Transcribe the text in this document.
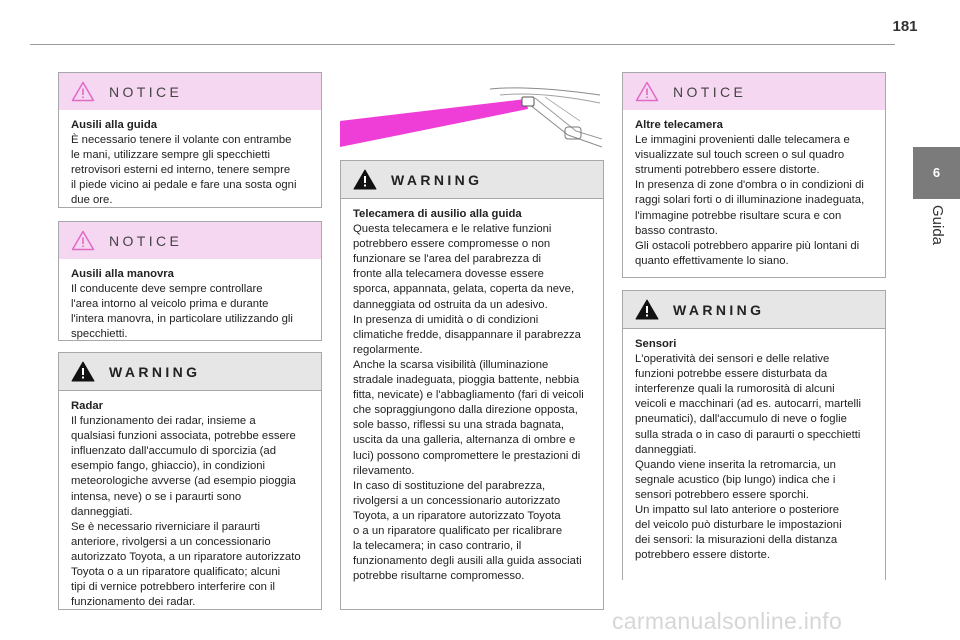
181
6
Guida
NOTICE
Ausili alla guida
È necessario tenere il volante con entrambe
le mani, utilizzare sempre gli specchietti
retrovisori esterni ed interno, tenere sempre
il piede vicino ai pedale e fare una sosta ogni
due ore.
NOTICE
Ausili alla manovra
Il conducente deve sempre controllare
l'area intorno al veicolo prima e durante
l'intera manovra, in particolare utilizzando gli
specchietti.
WARNING
Radar
Il funzionamento dei radar, insieme a
qualsiasi funzioni associata, potrebbe essere
influenzato dall'accumulo di sporcizia (ad
esempio fango, ghiaccio), in condizioni
meteorologiche avverse (ad esempio pioggia
intensa, neve) o se i paraurti sono
danneggiati.
Se è necessario riverniciare il paraurti
anteriore, rivolgersi a un concessionario
autorizzato Toyota, a un riparatore autorizzato
Toyota o a un riparatore qualificato; alcuni
tipi di vernice potrebbero interferire con il
funzionamento dei radar.
WARNING
Telecamera di ausilio alla guida
Questa telecamera e le relative funzioni
potrebbero essere compromesse o non
funzionare se l'area del parabrezza di
fronte alla telecamera dovesse essere
sporca, appannata, gelata, coperta da neve,
danneggiata od ostruita da un adesivo.
In presenza di umidità o di condizioni
climatiche fredde, disappannare il parabrezza
regolarmente.
Anche la scarsa visibilità (illuminazione
stradale inadeguata, pioggia battente, nebbia
fitta, nevicate) e l'abbagliamento (fari di veicoli
che sopraggiungono dalla direzione opposta,
sole basso, riflessi su una strada bagnata,
uscita da una galleria, alternanza di ombre e
luci) possono compromettere le prestazioni di
rilevamento.
In caso di sostituzione del parabrezza,
rivolgersi a un concessionario autorizzato
Toyota, a un riparatore autorizzato Toyota
o a un riparatore qualificato per ricalibrare
la telecamera; in caso contrario, il
funzionamento degli ausili alla guida associati
potrebbe risultarne compromesso.
NOTICE
Altre telecamera
Le immagini provenienti dalle telecamera e
visualizzate sul touch screen o sul quadro
strumenti potrebbero essere distorte.
In presenza di zone d'ombra o in condizioni di
raggi solari forti o di illuminazione inadeguata,
l'immagine potrebbe risultare scura e con
basso contrasto.
Gli ostacoli potrebbero apparire più lontani di
quanto effettivamente lo siano.
WARNING
Sensori
L'operatività dei sensori e delle relative
funzioni potrebbe essere disturbata da
interferenze quali la rumorosità di alcuni
veicoli e macchinari (ad es. autocarri, martelli
pneumatici), dall'accumulo di neve o foglie
sulla strada o in caso di paraurti o specchietti
danneggiati.
Quando viene inserita la retromarcia, un
segnale acustico (bip lungo) indica che i
sensori potrebbero essere sporchi.
Un impatto sul lato anteriore o posteriore
del veicolo può disturbare le impostazioni
dei sensori: la misurazioni della distanza
potrebbero essere distorte.
carmanualsonline.info
